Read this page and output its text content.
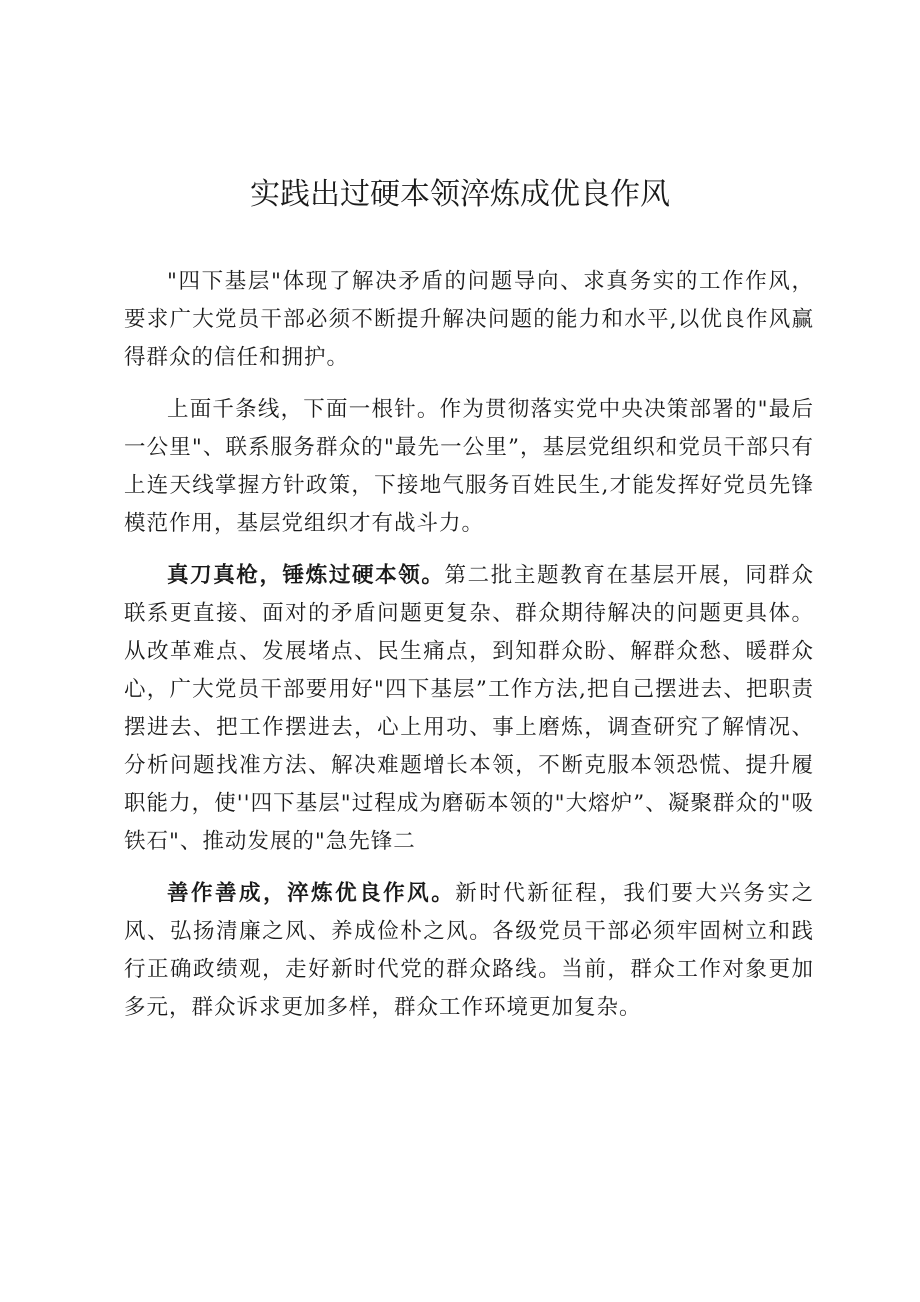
实践出过硬本领淬炼成优良作风

"四下基层"体现了解决矛盾的问题导向、求真务实的工作作风，要求广大党员干部必须不断提升解决问题的能力和水平,以优良作风赢得群众的信任和拥护。

上面千条线，下面一根针。作为贯彻落实党中央决策部署的"最后一公里"、联系服务群众的"最先一公里”，基层党组织和党员干部只有上连天线掌握方针政策，下接地气服务百姓民生,才能发挥好党员先锋模范作用，基层党组织才有战斗力。

真刀真枪，锤炼过硬本领。第二批主题教育在基层开展，同群众联系更直接、面对的矛盾问题更复杂、群众期待解决的问题更具体。从改革难点、发展堵点、民生痛点，到知群众盼、解群众愁、暖群众心，广大党员干部要用好"四下基层”工作方法,把自己摆进去、把职责摆进去、把工作摆进去，心上用功、事上磨炼，调查研究了解情况、分析问题找准方法、解决难题增长本领，不断克服本领恐慌、提升履职能力，使''四下基层"过程成为磨砺本领的"大熔炉”、凝聚群众的"吸铁石"、推动发展的"急先锋二

善作善成，淬炼优良作风。新时代新征程，我们要大兴务实之风、弘扬清廉之风、养成俭朴之风。各级党员干部必须牢固树立和践行正确政绩观，走好新时代党的群众路线。当前，群众工作对象更加多元，群众诉求更加多样，群众工作环境更加复杂。
